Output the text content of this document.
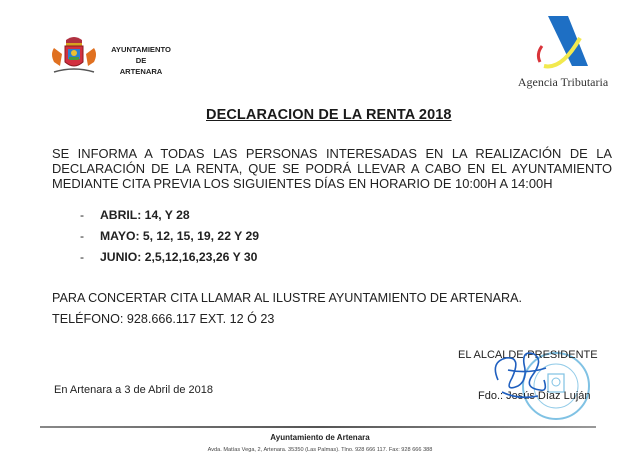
AYUNTAMIENTO DE
ARTENARA
Agencia Tributaria
DECLARACION DE LA RENTA 2018
SE INFORMA A TODAS LAS PERSONAS INTERESADAS EN LA REALIZACIÓN DE LA
DECLARACIÓN DE LA RENTA, QUE SE PODRÁ LLEVAR A CABO EN EL AYUNTAMIENTO
MEDIANTE CITA PREVIA LOS SIGUIENTES DÍAS EN HORARIO DE 10:00H A 14:00H
- ABRIL: 14, Y 28
- MAYO: 5, 12, 15, 19, 22 Y 29
- JUNIO: 2,5,12,16,23,26 Y 30
PARA CONCERTAR CITA LLAMAR AL ILUSTRE AYUNTAMIENTO DE ARTENARA.
TELÉFONO: 928.666.117 EXT. 12 Ó 23
EL ALCALDE-PRESIDENTE
Fdo.: Jesús Díaz Luján
En Artenara a 3 de Abril de 2018
Ayuntamiento de Artenara
Avda. Matías Vega, 2, Artenara. 35350 (Las Palmas). Tlno. 928 666 117. Fax: 928 666 388
